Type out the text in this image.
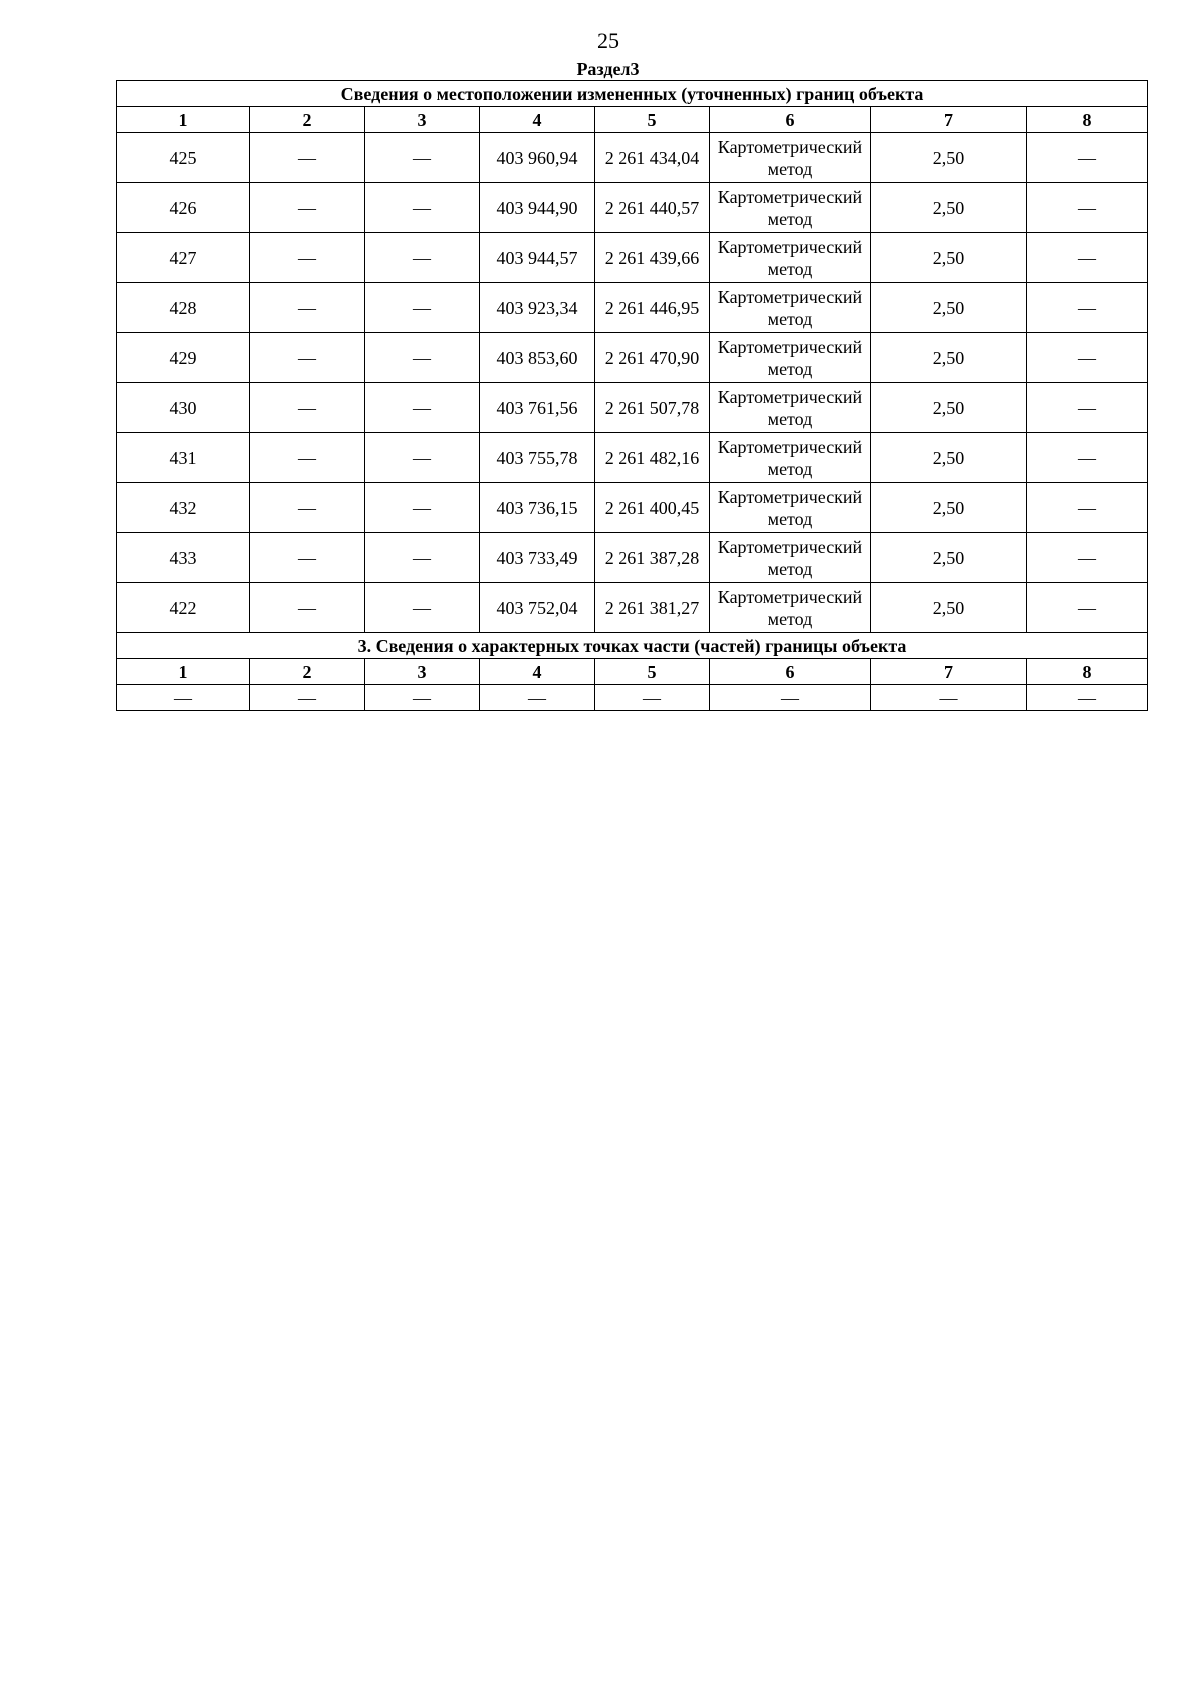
25
Раздел3
Сведения о местоположении измененных (уточненных) границ объекта							
1	2	3	4	5	6	7	8
425	—	—	403 960,94	2 261 434,04	Картометрический метод	2,50	—
426	—	—	403 944,90	2 261 440,57	Картометрический метод	2,50	—
427	—	—	403 944,57	2 261 439,66	Картометрический метод	2,50	—
428	—	—	403 923,34	2 261 446,95	Картометрический метод	2,50	—
429	—	—	403 853,60	2 261 470,90	Картометрический метод	2,50	—
430	—	—	403 761,56	2 261 507,78	Картометрический метод	2,50	—
431	—	—	403 755,78	2 261 482,16	Картометрический метод	2,50	—
432	—	—	403 736,15	2 261 400,45	Картометрический метод	2,50	—
433	—	—	403 733,49	2 261 387,28	Картометрический метод	2,50	—
422	—	—	403 752,04	2 261 381,27	Картометрический метод	2,50	—
3. Сведения о характерных точках части (частей) границы объекта							
1	2	3	4	5	6	7	8
—	—	—	—	—	—	—	—
